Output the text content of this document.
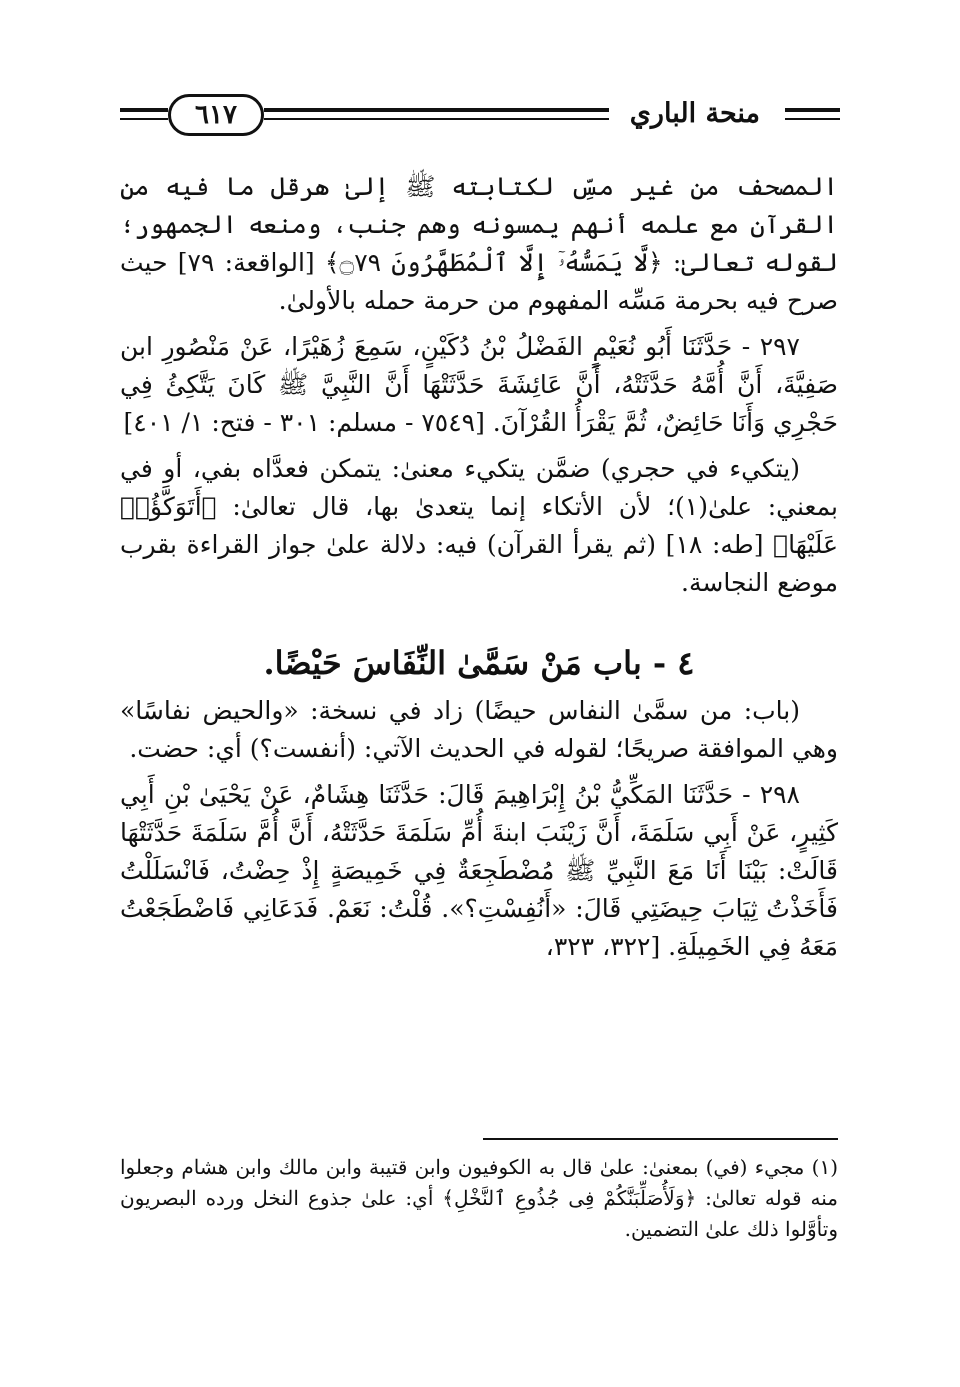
٦١٧	منحة الباري

المصحف من غير مسِّ لكتابته ﷺ إلىٰ هرقل ما فيه من القرآن مع علمه أنهم يمسونه وهم جنب، ومنعه الجمهور؛ لقوله تعالىٰ: ﴿لَّا يَمَسُّهُۥٓ إِلَّا ٱلْمُطَهَّرُونَ ۝٧٩﴾ [الواقعة: ٧٩] حيث صرح فيه بحرمة مَسِّه المفهوم من حرمة حمله بالأولىٰ.

٢٩٧ - حَدَّثَنَا أَبُو نُعَيْمٍ الفَضْلُ بْنُ دُكَيْنٍ، سَمِعَ زُهَيْرًا، عَنْ مَنْصُورِ ابن صَفِيَّةَ، أَنَّ أُمَّهُ حَدَّثَتْهُ، أَنَّ عَائِشَةَ حَدَّثَتْهَا أَنَّ النَّبِيَّ ﷺ كَانَ يَتَّكِئُ فِي حَجْرِي وَأَنَا حَائِضٌ، ثُمَّ يَقْرَأُ القُرْآنَ. [٧٥٤٩ - مسلم: ٣٠١ - فتح: ١/ ٤٠١]

(يتكيء في حجري) ضمَّن يتكيء معنىٰ: يتمكن فعدَّاه بفي، أو في بمعني: علىٰ(١)؛ لأن الأتكاء إنما يتعدىٰ بها، قال تعالىٰ: ﴿أَتَوَكَّؤُا۟ عَلَيْهَا﴾ [طه: ١٨] (ثم يقرأ القرآن) فيه: دلالة علىٰ جواز القراءة بقرب موضع النجاسة.

٤ - باب مَنْ سَمَّىٰ النِّفَاسَ حَيْضًا.

(باب: من سمَّىٰ النفاس حيضًا) زاد في نسخة: «والحيض نفاسًا» وهي الموافقة صريحًا؛ لقوله في الحديث الآتي: (أنفست؟) أي: حضت.

٢٩٨ - حَدَّثَنَا المَكِّيُّ بْنُ إِبْرَاهِيمَ قَالَ: حَدَّثَنَا هِشَامٌ، عَنْ يَحْيَىٰ بْنِ أَبِي كَثِيرٍ، عَنْ أَبِي سَلَمَةَ، أَنَّ زَيْنَبَ ابنةَ أُمِّ سَلَمَةَ حَدَّثَتْهُ، أَنَّ أُمَّ سَلَمَةَ حَدَّثَتْهَا قَالَتْ: بَيْنَا أَنَا مَعَ النَّبِيِّ ﷺ مُضْطَجِعَةٌ فِي خَمِيصَةٍ إِذْ حِضْتُ، فَانْسَلَلْتُ فَأَخَذْتُ ثِيَابَ حِيضَتِي قَالَ: «أَنُفِسْتِ؟». قُلْتُ: نَعَمْ. فَدَعَانِي فَاضْطَجَعْتُ مَعَهُ فِي الخَمِيلَةِ. [٣٢٢، ٣٢٣،

(١) مجيء (في) بمعنىٰ: علىٰ قال به الكوفيون وابن قتيبة وابن مالك وابن هشام وجعلوا منه قوله تعالىٰ: ﴿وَلَأُصَلِّبَنَّكُمْ فِى جُذُوعِ ٱلنَّخْلِ﴾ أي: علىٰ جذوع النخل ورده البصريون وتأوَّلوا ذلك علىٰ التضمين.
